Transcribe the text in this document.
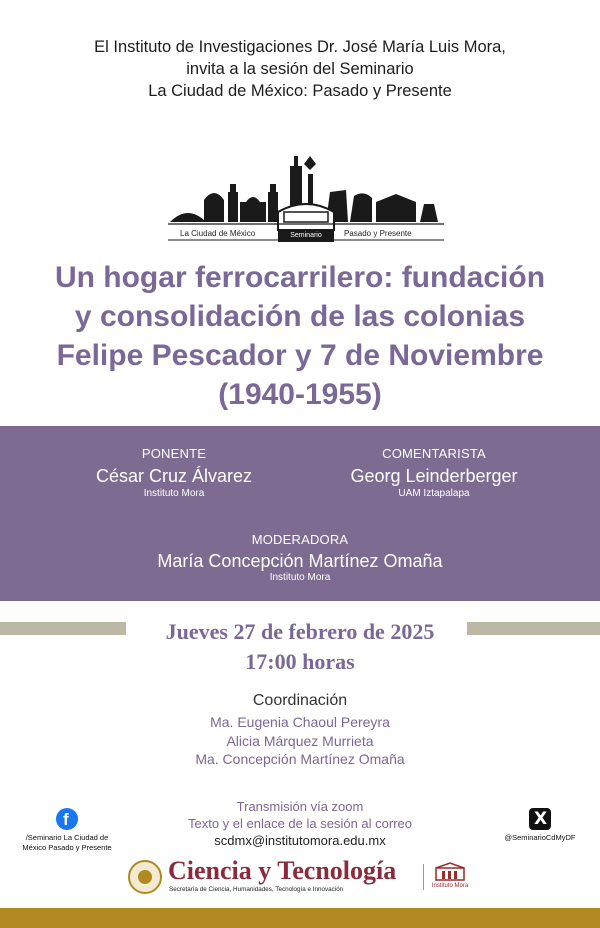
El Instituto de Investigaciones Dr. José María Luis Mora,
invita a la sesión del Seminario
La Ciudad de México: Pasado y Presente
La Ciudad de México	Seminario	Pasado y Presente
Un hogar ferrocarrilero: fundación
y consolidación de las colonias
Felipe Pescador y 7 de Noviembre
(1940-1955)
PONENTE
César Cruz Álvarez
Instituto Mora
COMENTARISTA
Georg Leinderberger
UAM Iztapalapa
MODERADORA
María Concepción Martínez Omaña
Instituto Mora
Jueves 27 de febrero de 2025
17:00 horas
Coordinación
Ma. Eugenia Chaoul Pereyra
Alicia Márquez Murrieta
Ma. Concepción Martínez Omaña
Transmisión vía zoom
Texto y el enlace de la sesión al correo
scdmx@institutomora.edu.mx
f
/Seminario La Ciudad de México Pasado y Presente
X
@SeminarioCdMyDF
Ciencia y Tecnología
Secretaría de Ciencia, Humanidades, Tecnología e Innovación	Instituto Mora
